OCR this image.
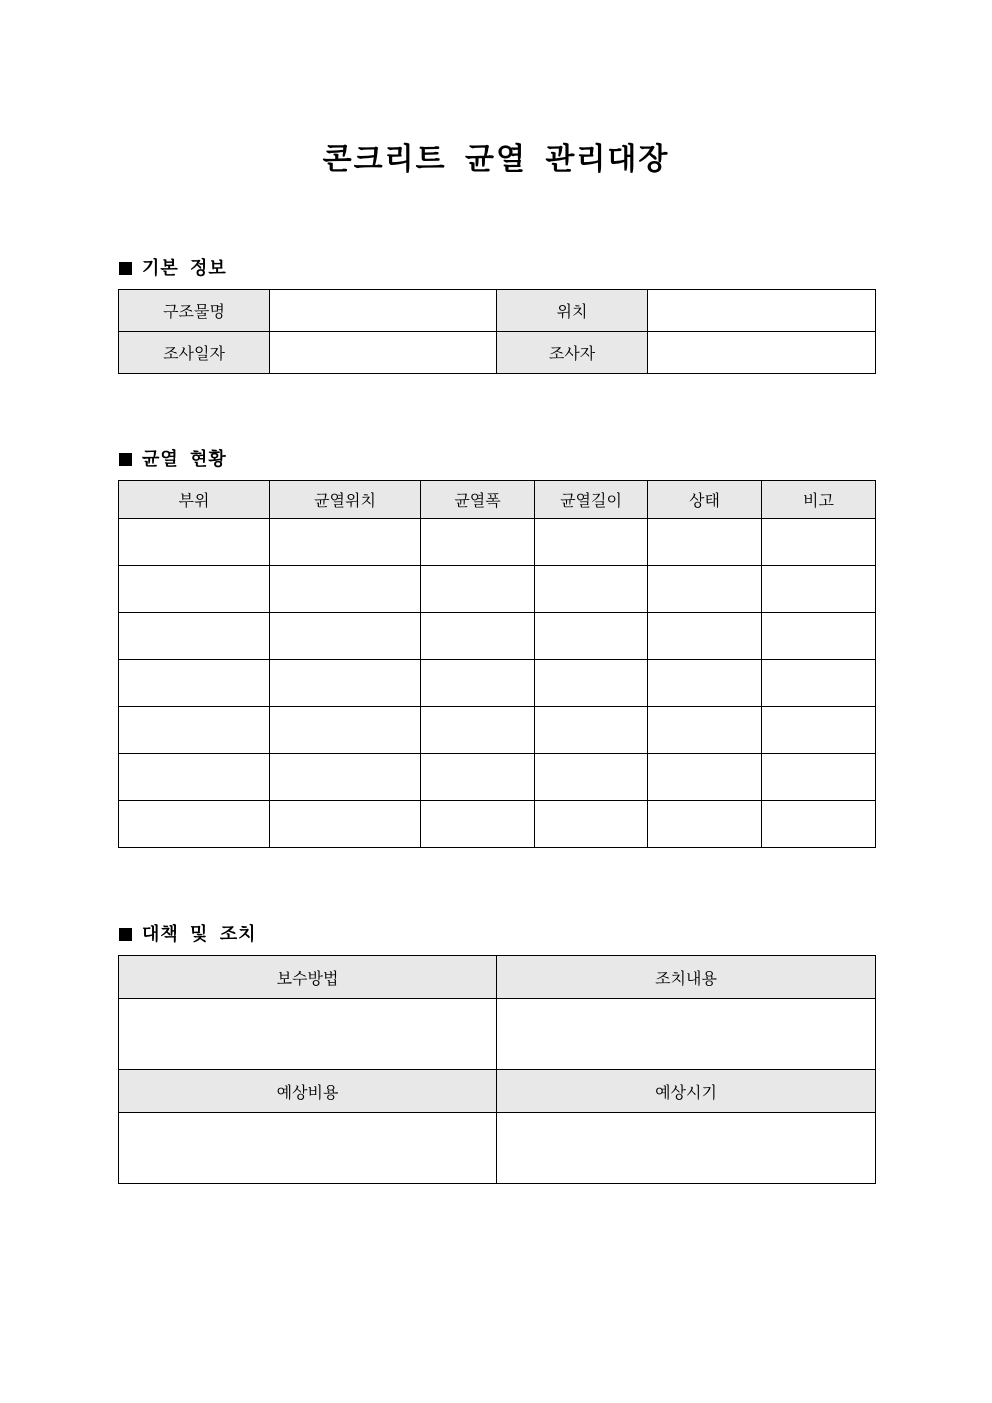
콘크리트 균열 관리대장
기본 정보
구조물명		위치	
조사일자		조사자	
균열 현황
부위	균열위치	균열폭	균열길이	상태	비고

대책 및 조치
보수방법	조치내용

예상비용	예상시기
